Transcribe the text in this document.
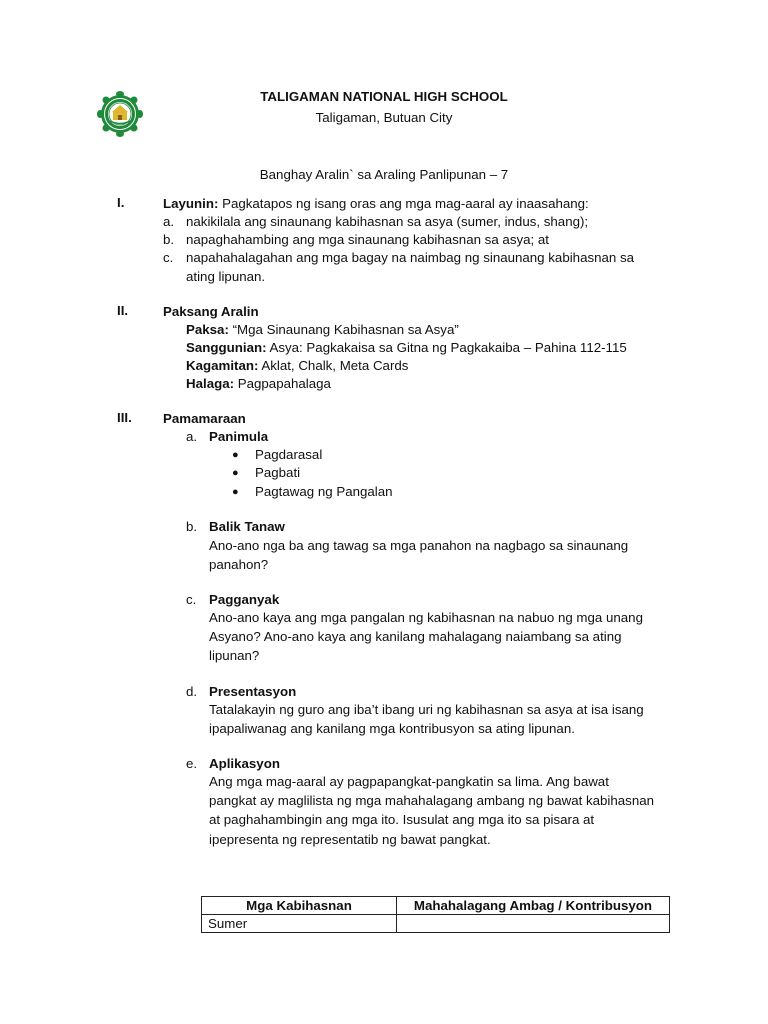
TALIGAMAN NATIONAL HIGH SCHOOL
Taligaman, Butuan City
Banghay Aralin` sa Araling Panlipunan – 7
I.	Layunin: Pagkatapos ng isang oras ang mga mag-aaral ay inaasahang:
a. nakikilala ang sinaunang kabihasnan sa asya (sumer, indus, shang);
b. napaghahambing ang mga sinaunang kabihasnan sa asya; at
c. napahahalagahan ang mga bagay na naimbag ng sinaunang kabihasnan sa
ating lipunan.
II.	Paksang Aralin
Paksa: “Mga Sinaunang Kabihasnan sa Asya”
Sanggunian: Asya: Pagkakaisa sa Gitna ng Pagkakaiba – Pahina 112-115
Kagamitan: Aklat, Chalk, Meta Cards
Halaga: Pagpapahalaga
III. Pamamaraan
a. Panimula
● Pagdarasal
● Pagbati
● Pagtawag ng Pangalan
b. Balik Tanaw
Ano-ano nga ba ang tawag sa mga panahon na nagbago sa sinaunang
panahon?
c. Pagganyak
Ano-ano kaya ang mga pangalan ng kabihasnan na nabuo ng mga unang
Asyano? Ano-ano kaya ang kanilang mahalagang naiambang sa ating
lipunan?
d. Presentasyon
Tatalakayin ng guro ang iba’t ibang uri ng kabihasnan sa asya at isa isang
ipapaliwanag ang kanilang mga kontribusyon sa ating lipunan.
e. Aplikasyon
Ang mga mag-aaral ay pagpapangkat-pangkatin sa lima. Ang bawat
pangkat ay maglilista ng mga mahahalagang ambang ng bawat kabihasnan
at paghahambingin ang mga ito. Isusulat ang mga ito sa pisara at
ipepresenta ng representatib ng bawat pangkat.
Mga Kabihasnan	Mahahalagang Ambag / Kontribusyon
Sumer	
